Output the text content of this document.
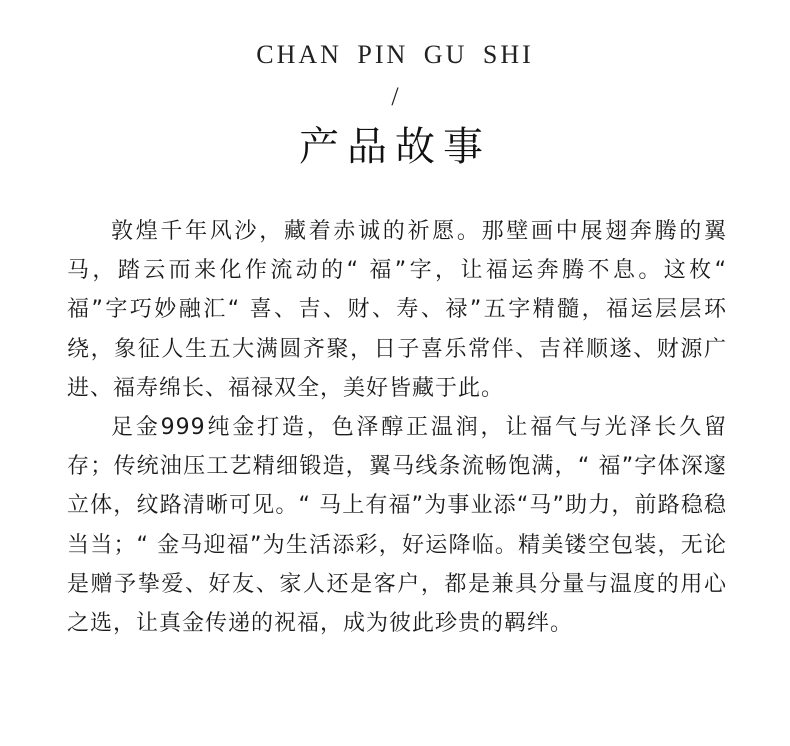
CHAN PIN GU SHI
/
产品故事

敦煌千年风沙，藏着赤诚的祈愿。那壁画中展翅奔腾的翼马，踏云而来化作流动的“ 福”字，让福运奔腾不息。这枚“ 福”字巧妙融汇“ 喜、吉、财、寿、禄”五字精髓，福运层层环绕，象征人生五大满圆齐聚，日子喜乐常伴、吉祥顺遂、财源广进、福寿绵长、福禄双全，美好皆藏于此。

足金999纯金打造，色泽醇正温润，让福气与光泽长久留存；传统油压工艺精细锻造，翼马线条流畅饱满，“ 福”字体深邃立体，纹路清晰可见。“ 马上有福”为事业添“马”助力，前路稳稳当当；“ 金马迎福”为生活添彩，好运降临。精美镂空包装，无论是赠予挚爱、好友、家人还是客户，都是兼具分量与温度的用心之选，让真金传递的祝福，成为彼此珍贵的羁绊。
